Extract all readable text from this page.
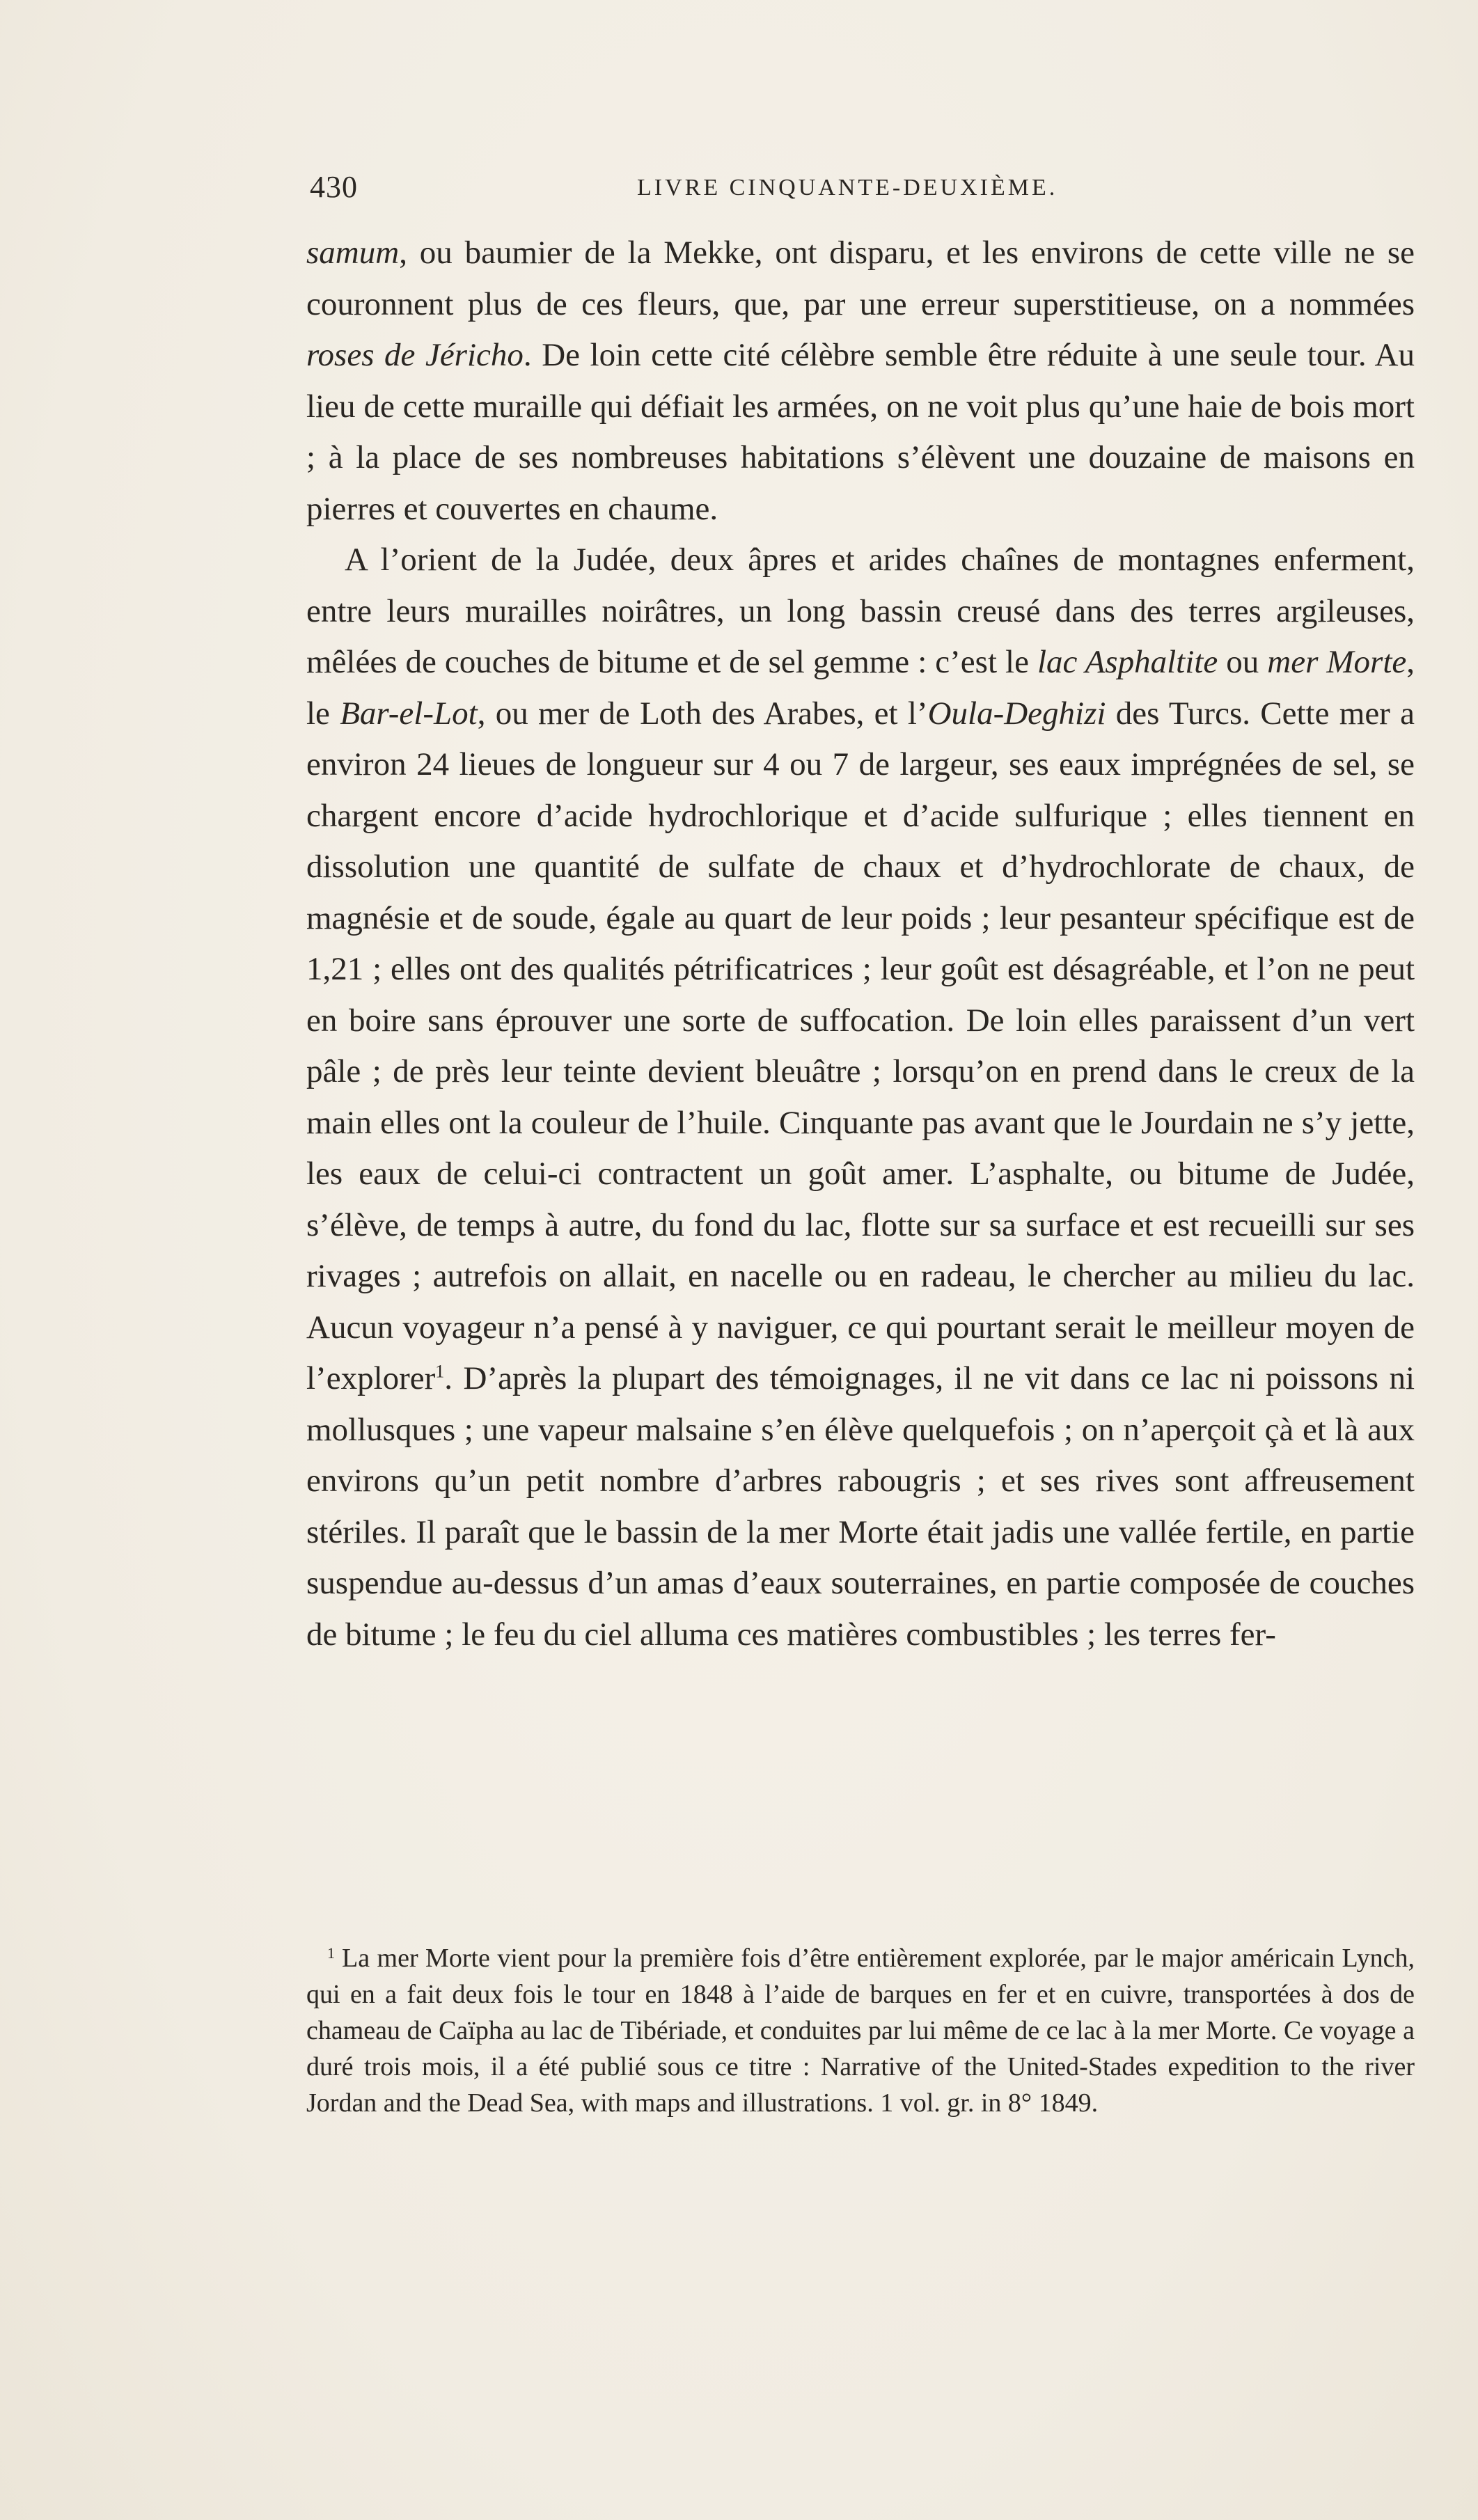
430	LIVRE CINQUANTE-DEUXIÈME.

samum, ou baumier de la Mekke, ont disparu, et les environs de cette ville ne se couronnent plus de ces fleurs, que, par une erreur superstitieuse, on a nommées roses de Jéricho. De loin cette cité célèbre semble être réduite à une seule tour. Au lieu de cette muraille qui défiait les armées, on ne voit plus qu’une haie de bois mort ; à la place de ses nombreuses habitations s’élèvent une douzaine de maisons en pierres et couvertes en chaume.

A l’orient de la Judée, deux âpres et arides chaînes de montagnes enferment, entre leurs murailles noirâtres, un long bassin creusé dans des terres argileuses, mêlées de couches de bitume et de sel gemme : c’est le lac Asphaltite ou mer Morte, le Bar-el-Lot, ou mer de Loth des Arabes, et l’Oula-Deghizi des Turcs. Cette mer a environ 24 lieues de longueur sur 4 ou 7 de largeur, ses eaux imprégnées de sel, se chargent encore d’acide hydrochlorique et d’acide sulfurique ; elles tiennent en dissolution une quantité de sulfate de chaux et d’hydrochlorate de chaux, de magnésie et de soude, égale au quart de leur poids ; leur pesanteur spécifique est de 1,21 ; elles ont des qualités pétrificatrices ; leur goût est désagréable, et l’on ne peut en boire sans éprouver une sorte de suffocation. De loin elles paraissent d’un vert pâle ; de près leur teinte devient bleuâtre ; lorsqu’on en prend dans le creux de la main elles ont la couleur de l’huile. Cinquante pas avant que le Jourdain ne s’y jette, les eaux de celui-ci contractent un goût amer. L’asphalte, ou bitume de Judée, s’élève, de temps à autre, du fond du lac, flotte sur sa surface et est recueilli sur ses rivages ; autrefois on allait, en nacelle ou en radeau, le chercher au milieu du lac. Aucun voyageur n’a pensé à y naviguer, ce qui pourtant serait le meilleur moyen de l’explorer$^1$. D’après la plupart des témoignages, il ne vit dans ce lac ni poissons ni mollusques ; une vapeur malsaine s’en élève quelquefois ; on n’aperçoit çà et là aux environs qu’un petit nombre d’arbres rabougris ; et ses rives sont affreusement stériles. Il paraît que le bassin de la mer Morte était jadis une vallée fertile, en partie suspendue au-dessus d’un amas d’eaux souterraines, en partie composée de couches de bitume ; le feu du ciel alluma ces matières combustibles ; les terres fer-

$^1$ La mer Morte vient pour la première fois d’être entièrement explorée, par le major américain Lynch, qui en a fait deux fois le tour en 1848 à l’aide de barques en fer et en cuivre, transportées à dos de chameau de Caïpha au lac de Tibériade, et conduites par lui même de ce lac à la mer Morte. Ce voyage a duré trois mois, il a été publié sous ce titre : Narrative of the United-Stades expedition to the river Jordan and the Dead Sea, with maps and illustrations. 1 vol. gr. in 8° 1849.
